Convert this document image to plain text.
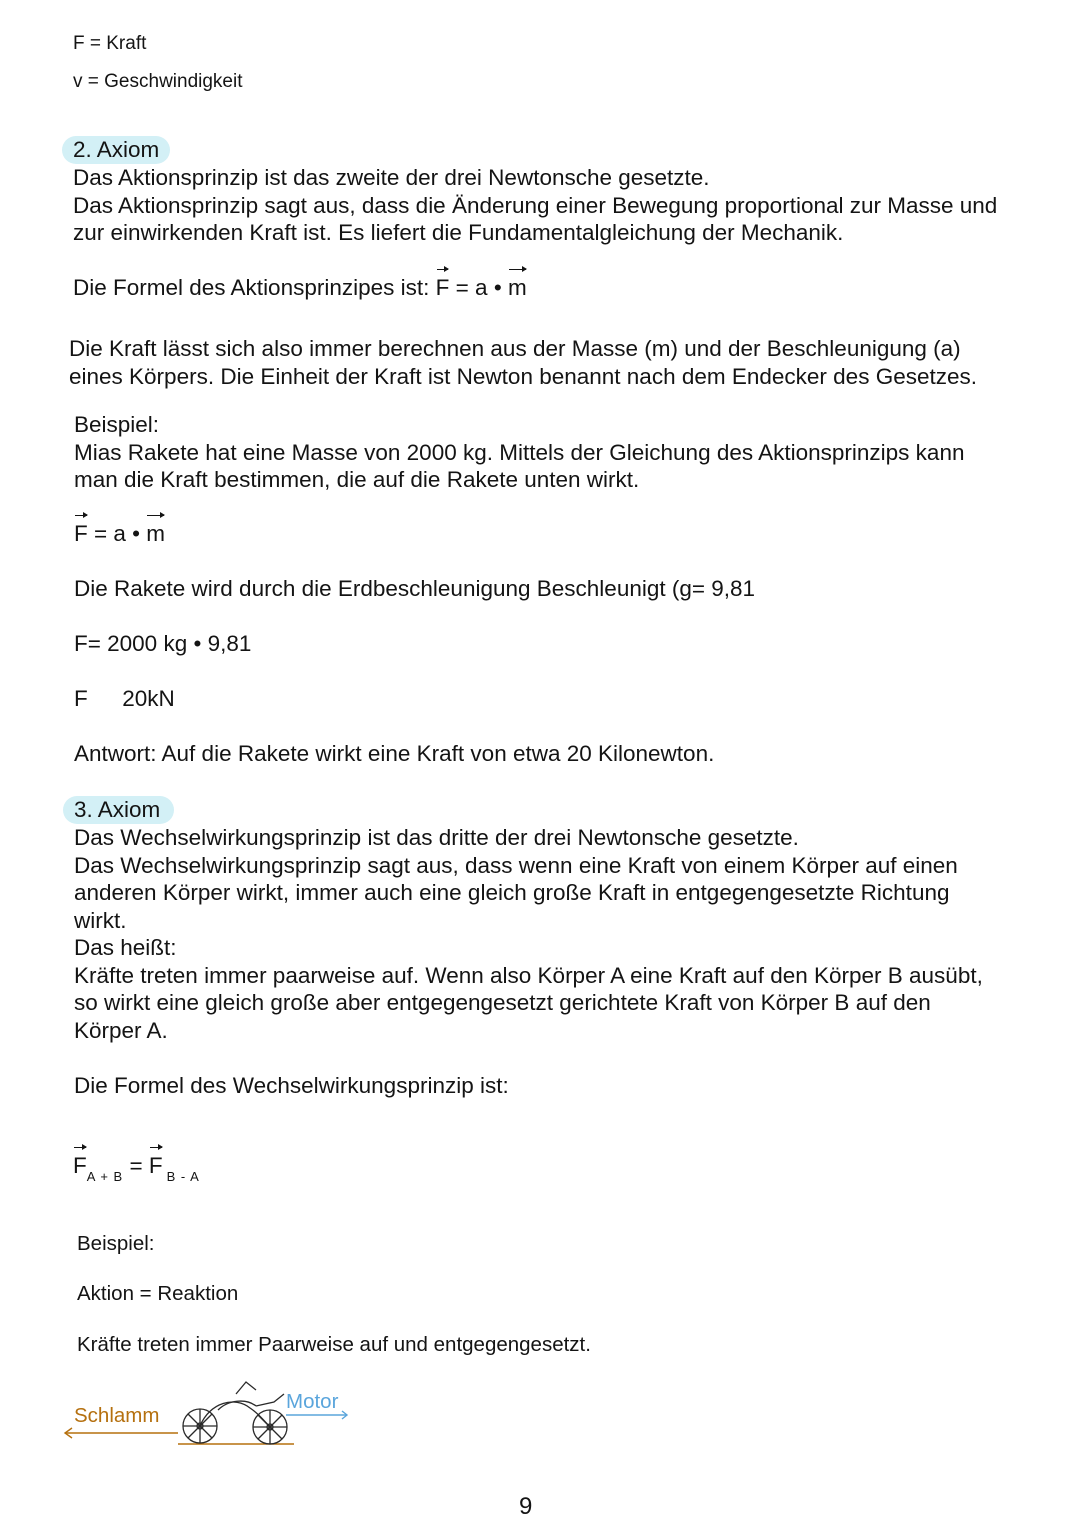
F = Kraft
v = Geschwindigkeit
2. Axiom
Das Aktionsprinzip ist das zweite der drei Newtonsche gesetzte.
Das Aktionsprinzip sagt aus, dass die Änderung einer Bewegung proportional zur Masse und
zur einwirkenden Kraft ist. Es liefert die Fundamentalgleichung der Mechanik.
Die Formel des Aktionsprinzipes ist: F = a • m
Die Kraft lässt sich also immer berechnen aus der Masse (m) und der Beschleunigung (a)
eines Körpers. Die Einheit der Kraft ist Newton benannt nach dem Endecker des Gesetzes.
Beispiel:
Mias Rakete hat eine Masse von 2000 kg. Mittels der Gleichung des Aktionsprinzips kann
man die Kraft bestimmen, die auf die Rakete unten wirkt.
F = a • m
Die Rakete wird durch die Erdbeschleunigung Beschleunigt (g= 9,81
F= 2000 kg • 9,81
F 20kN
Antwort: Auf die Rakete wirkt eine Kraft von etwa 20 Kilonewton.
3. Axiom
Das Wechselwirkungsprinzip ist das dritte der drei Newtonsche gesetzte.
Das Wechselwirkungsprinzip sagt aus, dass wenn eine Kraft von einem Körper auf einen
anderen Körper wirkt, immer auch eine gleich große Kraft in entgegengesetzte Richtung
wirkt.
Das heißt:
Kräfte treten immer paarweise auf. Wenn also Körper A eine Kraft auf den Körper B ausübt,
so wirkt eine gleich große aber entgegengesetzt gerichtete Kraft von Körper B auf den
Körper A.
Die Formel des Wechselwirkungsprinzip ist:
$F_{A + B} = F$ $_{B - A}$
Beispiel:
Aktion = Reaktion
Kräfte treten immer Paarweise auf und entgegengesetzt.
Schlamm
Motor
9
